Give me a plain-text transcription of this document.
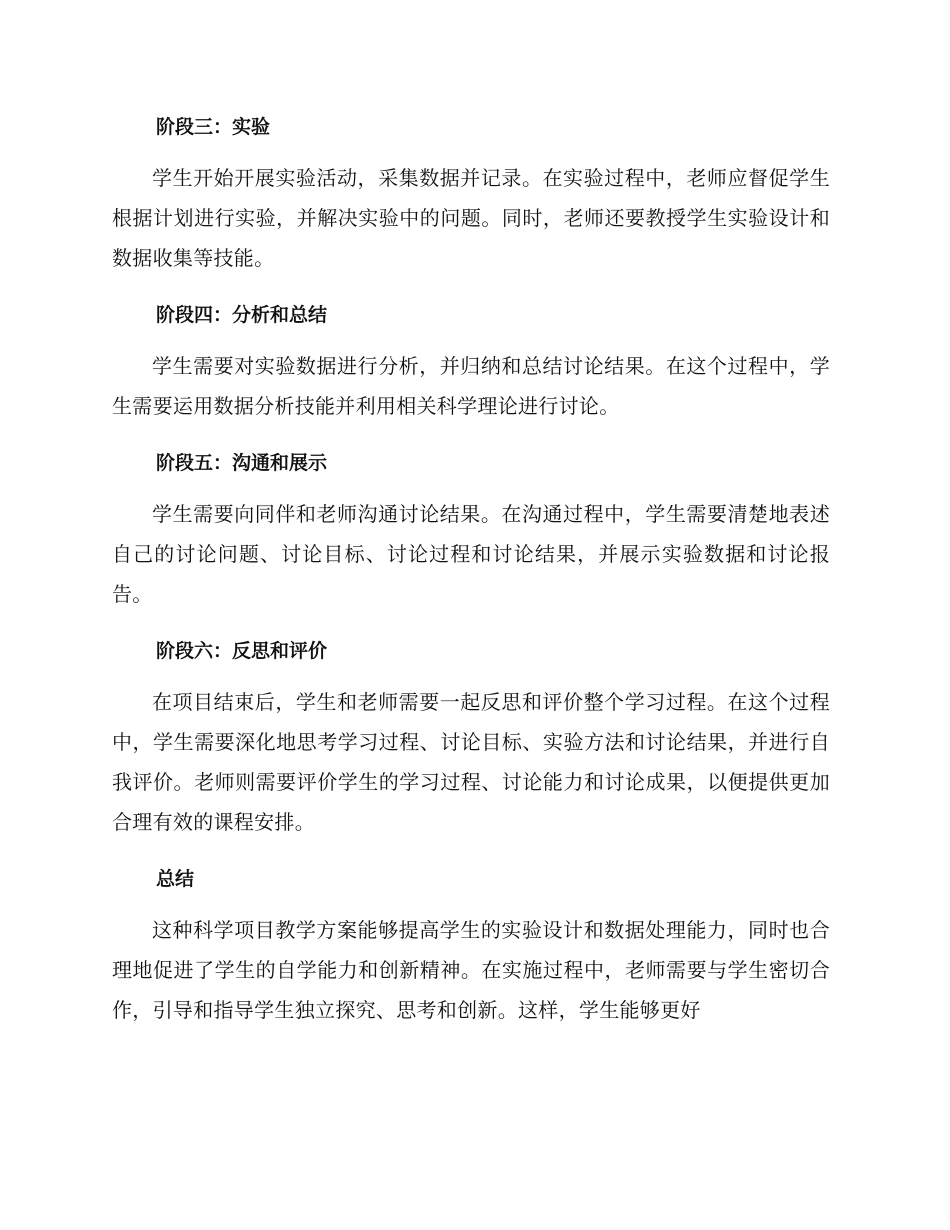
阶段三：实验
学生开始开展实验活动，采集数据并记录。在实验过程中，老师应督促学生根据计划进行实验，并解决实验中的问题。同时，老师还要教授学生实验设计和数据收集等技能。
阶段四：分析和总结
学生需要对实验数据进行分析，并归纳和总结讨论结果。在这个过程中，学生需要运用数据分析技能并利用相关科学理论进行讨论。
阶段五：沟通和展示
学生需要向同伴和老师沟通讨论结果。在沟通过程中，学生需要清楚地表述自己的讨论问题、讨论目标、讨论过程和讨论结果，并展示实验数据和讨论报告。
阶段六：反思和评价
在项目结束后，学生和老师需要一起反思和评价整个学习过程。在这个过程中，学生需要深化地思考学习过程、讨论目标、实验方法和讨论结果，并进行自我评价。老师则需要评价学生的学习过程、讨论能力和讨论成果，以便提供更加合理有效的课程安排。
总结
这种科学项目教学方案能够提高学生的实验设计和数据处理能力，同时也合理地促进了学生的自学能力和创新精神。在实施过程中，老师需要与学生密切合作，引导和指导学生独立探究、思考和创新。这样，学生能够更好
